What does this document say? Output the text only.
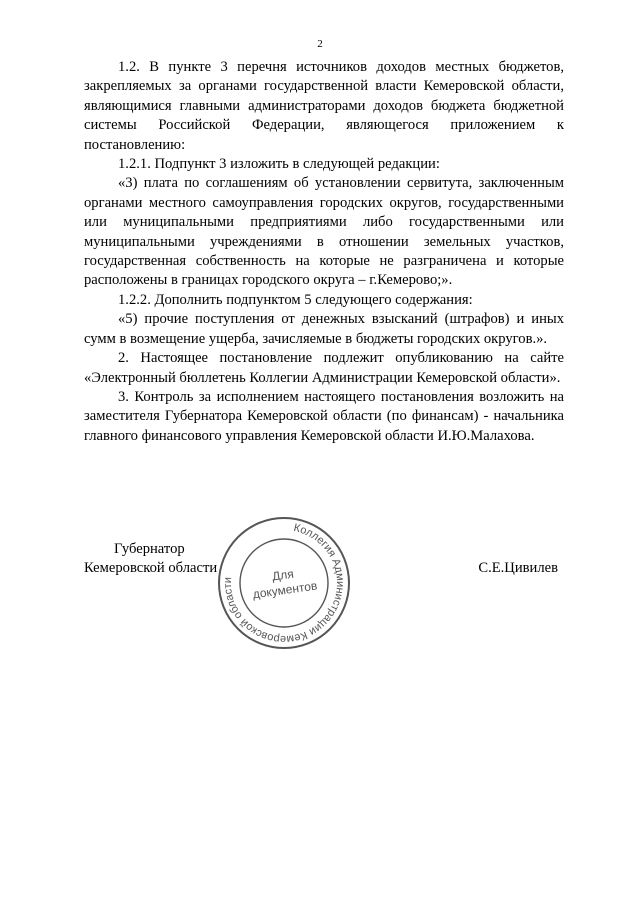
2

1.2. В пункте 3 перечня источников доходов местных бюджетов, закрепляемых за органами государственной власти Кемеровской области, являющимися главными администраторами доходов бюджета бюджетной системы Российской Федерации, являющегося приложением к постановлению:

1.2.1. Подпункт 3 изложить в следующей редакции:

«3) плата по соглашениям об установлении сервитута, заключенным органами местного самоуправления городских округов, государственными или муниципальными предприятиями либо государственными или муниципальными учреждениями в отношении земельных участков, государственная собственность на которые не разграничена и которые расположены в границах городского округа – г.Кемерово;».

1.2.2. Дополнить подпунктом 5 следующего содержания:

«5) прочие поступления от денежных взысканий (штрафов) и иных сумм в возмещение ущерба, зачисляемые в бюджеты городских округов.».

2. Настоящее постановление подлежит опубликованию на сайте «Электронный бюллетень Коллегии Администрации Кемеровской области».

3. Контроль за исполнением настоящего постановления возложить на заместителя Губернатора Кемеровской области (по финансам) - начальника главного финансового управления Кемеровской области И.Ю.Малахова.

Губернатор
Кемеровской области	С.Е.Цивилев
Коллегия Администрации Кемеровской области	Для
документов
